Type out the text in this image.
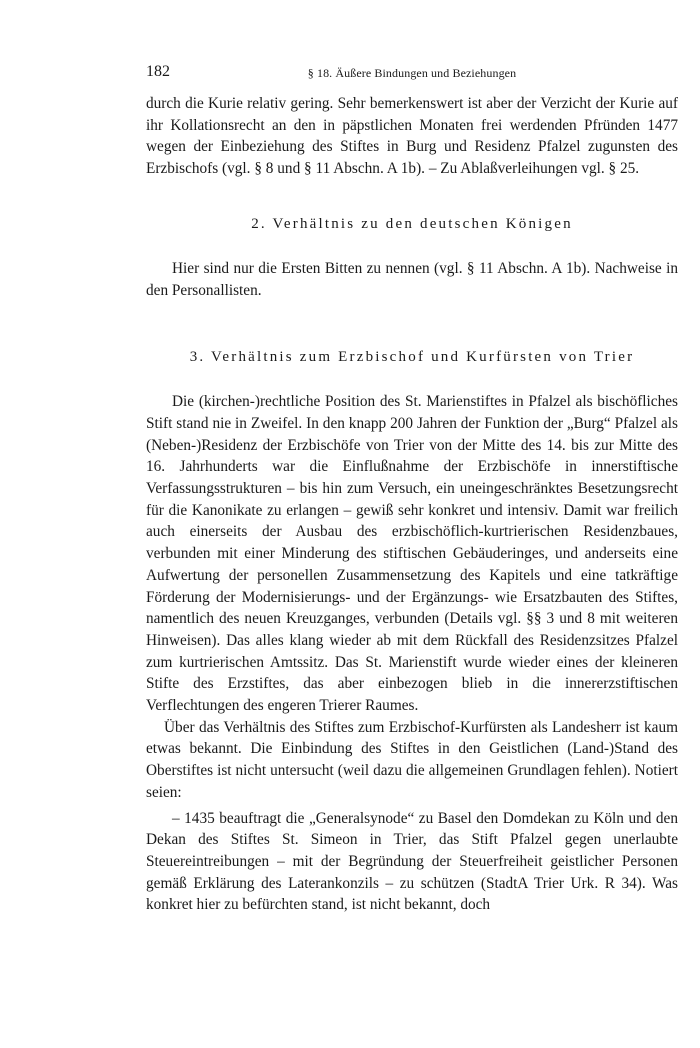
182	§ 18. Äußere Bindungen und Beziehungen

durch die Kurie relativ gering. Sehr bemerkenswert ist aber der Verzicht der Kurie auf ihr Kollationsrecht an den in päpstlichen Monaten frei werdenden Pfründen 1477 wegen der Einbeziehung des Stiftes in Burg und Residenz Pfalzel zugunsten des Erzbischofs (vgl. § 8 und § 11 Abschn. A 1b). – Zu Ablaßverleihungen vgl. § 25.

2. Verhältnis zu den deutschen Königen

Hier sind nur die Ersten Bitten zu nennen (vgl. § 11 Abschn. A 1b). Nachweise in den Personallisten.

3. Verhältnis zum Erzbischof und Kurfürsten von Trier

Die (kirchen-)rechtliche Position des St. Marienstiftes in Pfalzel als bischöfliches Stift stand nie in Zweifel. In den knapp 200 Jahren der Funktion der „Burg“ Pfalzel als (Neben-)Residenz der Erzbischöfe von Trier von der Mitte des 14. bis zur Mitte des 16. Jahrhunderts war die Einflußnahme der Erzbischöfe in innerstiftische Verfassungsstrukturen – bis hin zum Versuch, ein uneingeschränktes Besetzungsrecht für die Kanonikate zu erlangen – gewiß sehr konkret und intensiv. Damit war freilich auch einerseits der Ausbau des erzbischöflich-kurtrierischen Residenzbaues, verbunden mit einer Minderung des stiftischen Gebäuderinges, und anderseits eine Aufwertung der personellen Zusammensetzung des Kapitels und eine tatkräftige Förderung der Modernisierungs- und der Ergänzungs- wie Ersatzbauten des Stiftes, namentlich des neuen Kreuzganges, verbunden (Details vgl. §§ 3 und 8 mit weiteren Hinweisen). Das alles klang wieder ab mit dem Rückfall des Residenzsitzes Pfalzel zum kurtrierischen Amtssitz. Das St. Marienstift wurde wieder eines der kleineren Stifte des Erzstiftes, das aber einbezogen blieb in die innererzstiftischen Verflechtungen des engeren Trierer Raumes.

Über das Verhältnis des Stiftes zum Erzbischof-Kurfürsten als Landesherr ist kaum etwas bekannt. Die Einbindung des Stiftes in den Geistlichen (Land-)Stand des Oberstiftes ist nicht untersucht (weil dazu die allgemeinen Grundlagen fehlen). Notiert seien:

– 1435 beauftragt die „Generalsynode“ zu Basel den Domdekan zu Köln und den Dekan des Stiftes St. Simeon in Trier, das Stift Pfalzel gegen unerlaubte Steuereintreibungen – mit der Begründung der Steuerfreiheit geistlicher Personen gemäß Erklärung des Laterankonzils – zu schützen (StadtA Trier Urk. R 34). Was konkret hier zu befürchten stand, ist nicht bekannt, doch
